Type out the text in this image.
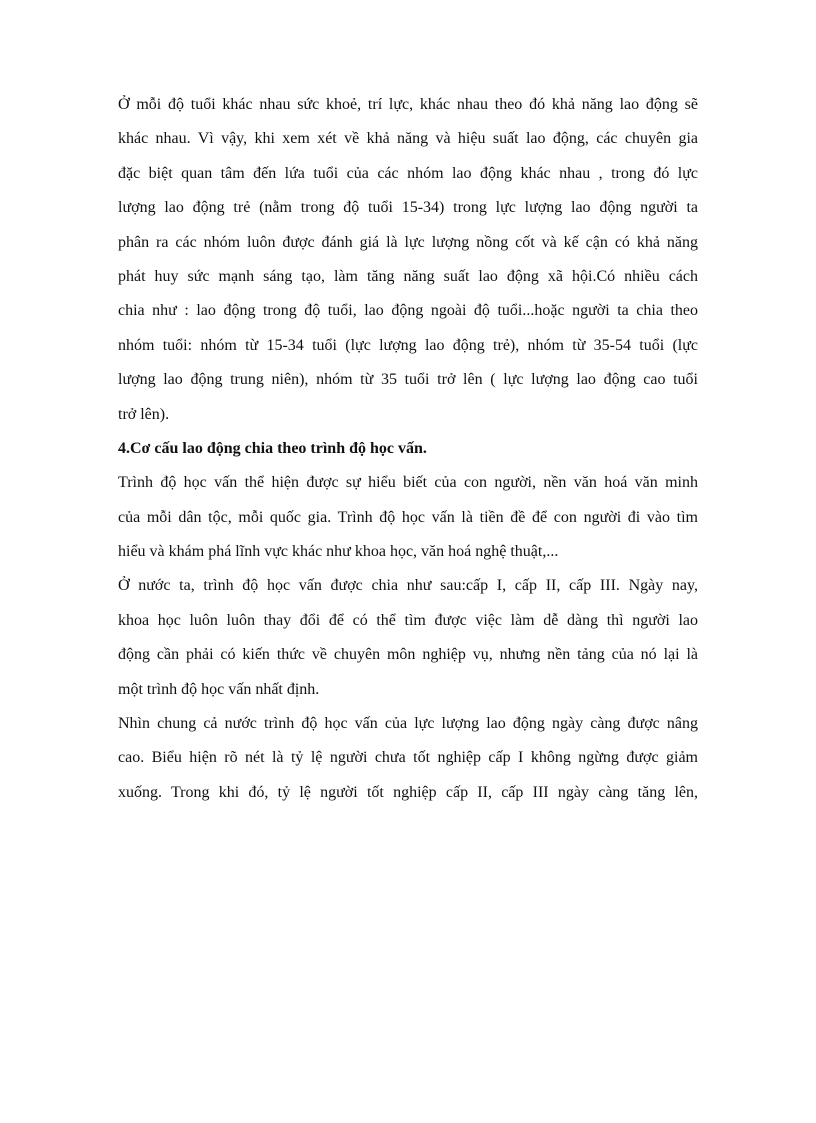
Ở mỗi độ tuổi khác nhau sức khoẻ, trí lực, khác nhau theo đó khả năng lao động sẽ
khác nhau. Vì vậy, khi xem xét về khả năng và hiệu suất lao động, các chuyên gia
đặc biệt quan tâm đến lứa tuổi của các nhóm lao động khác nhau , trong đó lực
lượng lao động trẻ (nằm trong độ tuổi 15-34) trong lực lượng lao động người ta
phân ra các nhóm luôn được đánh giá là lực lượng nồng cốt và kế cận có khả năng
phát huy sức mạnh sáng tạo, làm tăng năng suất lao động xã hội.Có nhiều cách
chia như : lao động trong độ tuổi, lao động ngoài độ tuổi...hoặc người ta chia theo
nhóm tuổi: nhóm từ 15-34 tuổi (lực lượng lao động trẻ), nhóm từ 35-54 tuổi (lực
lượng lao động trung niên), nhóm từ 35 tuổi trở lên ( lực lượng lao động cao tuổi
trở lên).
4.Cơ cấu lao động chia theo trình độ học vấn.
Trình độ học vấn thể hiện được sự hiểu biết của con người, nền văn hoá văn minh
của mỗi dân tộc, mỗi quốc gia. Trình độ học vấn là tiền đề để con người đi vào tìm
hiểu và khám phá lĩnh vực khác như khoa học, văn hoá nghệ thuật,...
Ở nước ta, trình độ học vấn được chia như sau:cấp I, cấp II, cấp III. Ngày nay,
khoa học luôn luôn thay đổi để có thể tìm được việc làm dễ dàng thì người lao
động cần phải có kiến thức về chuyên môn nghiệp vụ, nhưng nền tảng của nó lại là
một trình độ học vấn nhất định.
Nhìn chung cả nước trình độ học vấn của lực lượng lao động ngày càng được nâng
cao. Biểu hiện rõ nét là tỷ lệ người chưa tốt nghiệp cấp I không ngừng được giảm
xuống. Trong khi đó, tỷ lệ người tốt nghiệp cấp II, cấp III ngày càng tăng lên,
